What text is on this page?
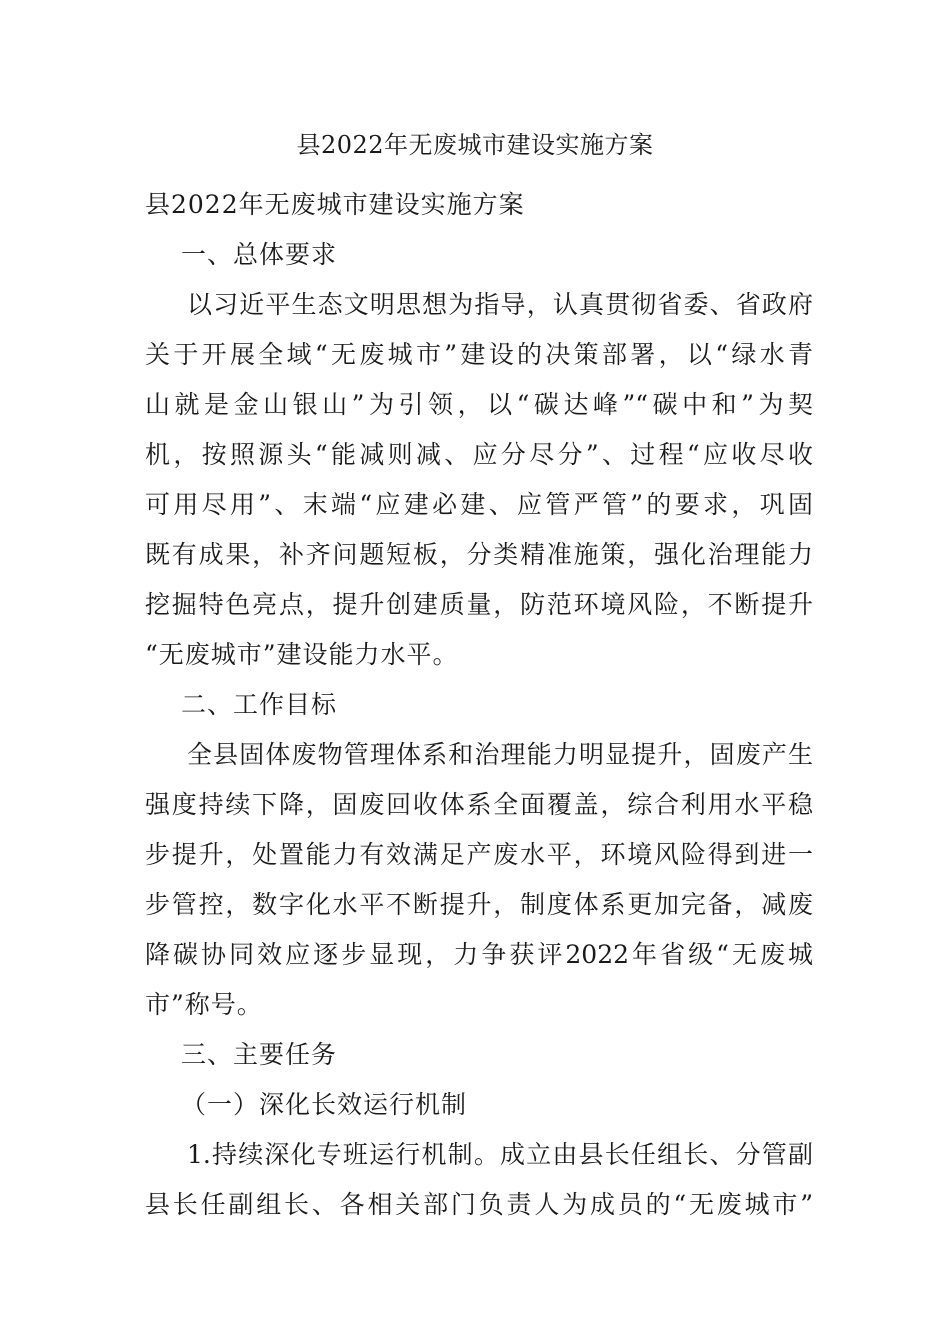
县2022年无废城市建设实施方案
县2022年无废城市建设实施方案
一、总体要求
以习近平生态文明思想为指导，认真贯彻省委、省政府
关于开展全域“无废城市”建设的决策部署，以“绿水青
山就是金山银山”为引领，以“碳达峰”“碳中和”为契
机，按照源头“能减则减、应分尽分”、过程“应收尽收
可用尽用”、末端“应建必建、应管严管”的要求，巩固
既有成果，补齐问题短板，分类精准施策，强化治理能力
挖掘特色亮点，提升创建质量，防范环境风险，不断提升
“无废城市”建设能力水平。
二、工作目标
全县固体废物管理体系和治理能力明显提升，固废产生
强度持续下降，固废回收体系全面覆盖，综合利用水平稳
步提升，处置能力有效满足产废水平，环境风险得到进一
步管控，数字化水平不断提升，制度体系更加完备，减废
降碳协同效应逐步显现，力争获评2022年省级“无废城
市”称号。
三、主要任务
（一）深化长效运行机制
1.持续深化专班运行机制。成立由县长任组长、分管副
县长任副组长、各相关部门负责人为成员的“无废城市”
